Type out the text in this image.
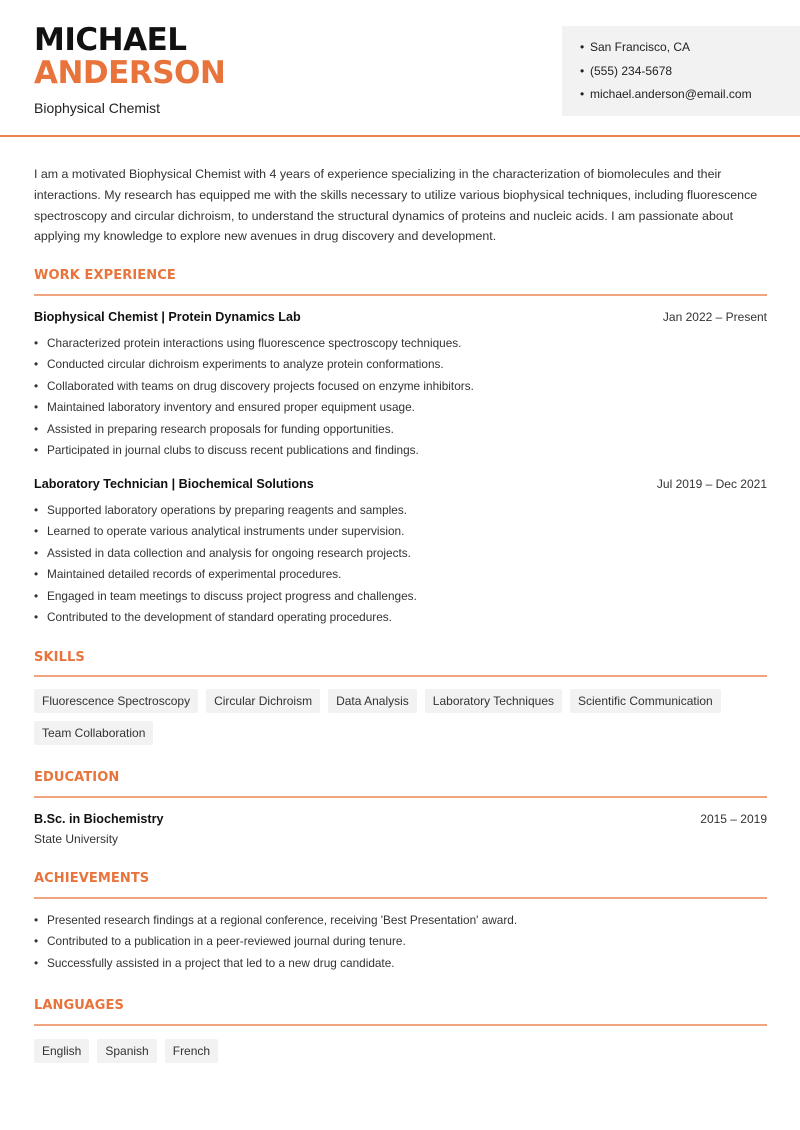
MICHAEL
ANDERSON
Biophysical Chemist
• San Francisco, CA
• (555) 234-5678
• michael.anderson@email.com

I am a motivated Biophysical Chemist with 4 years of experience specializing in the characterization of biomolecules and their interactions. My research has equipped me with the skills necessary to utilize various biophysical techniques, including fluorescence spectroscopy and circular dichroism, to understand the structural dynamics of proteins and nucleic acids. I am passionate about applying my knowledge to explore new avenues in drug discovery and development.

WORK EXPERIENCE
Biophysical Chemist | Protein Dynamics Lab	Jan 2022 – Present
• Characterized protein interactions using fluorescence spectroscopy techniques.
• Conducted circular dichroism experiments to analyze protein conformations.
• Collaborated with teams on drug discovery projects focused on enzyme inhibitors.
• Maintained laboratory inventory and ensured proper equipment usage.
• Assisted in preparing research proposals for funding opportunities.
• Participated in journal clubs to discuss recent publications and findings.
Laboratory Technician | Biochemical Solutions	Jul 2019 – Dec 2021
• Supported laboratory operations by preparing reagents and samples.
• Learned to operate various analytical instruments under supervision.
• Assisted in data collection and analysis for ongoing research projects.
• Maintained detailed records of experimental procedures.
• Engaged in team meetings to discuss project progress and challenges.
• Contributed to the development of standard operating procedures.
SKILLS
Fluorescence Spectroscopy	Circular Dichroism	Data Analysis	Laboratory Techniques	Scientific Communication
Team Collaboration
EDUCATION
B.Sc. in Biochemistry	2015 – 2019
State University
ACHIEVEMENTS
• Presented research findings at a regional conference, receiving 'Best Presentation' award.
• Contributed to a publication in a peer-reviewed journal during tenure.
• Successfully assisted in a project that led to a new drug candidate.
LANGUAGES
English	Spanish	French
